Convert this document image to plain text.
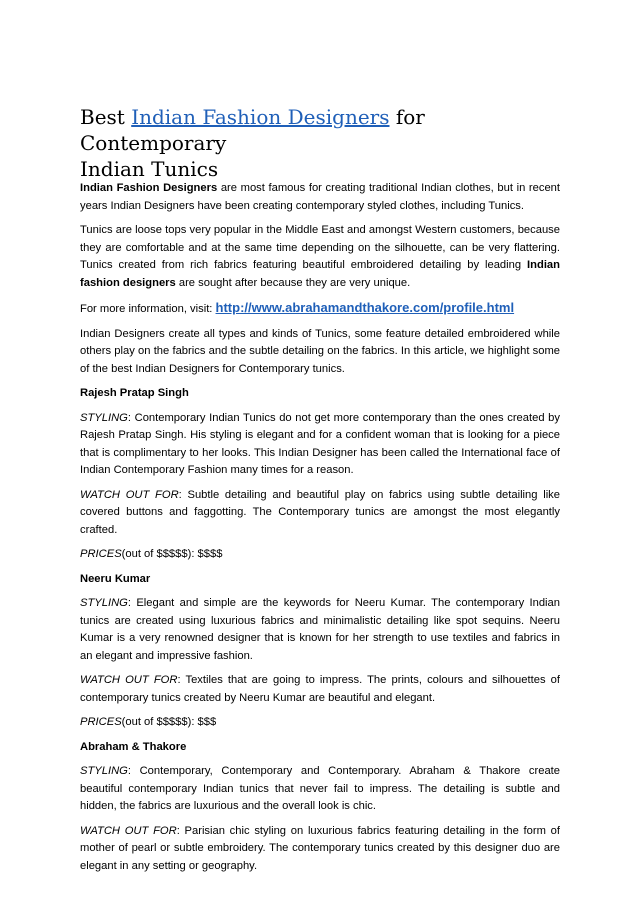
Best Indian Fashion Designers for Contemporary
Indian Tunics

Indian Fashion Designers are most famous for creating traditional Indian clothes, but in recent years Indian Designers have been creating contemporary styled clothes, including Tunics.

Tunics are loose tops very popular in the Middle East and amongst Western customers, because they are comfortable and at the same time depending on the silhouette, can be very flattering. Tunics created from rich fabrics featuring beautiful embroidered detailing by leading Indian fashion designers are sought after because they are very unique.

For more information, visit: http://www.abrahamandthakore.com/profile.html

Indian Designers create all types and kinds of Tunics, some feature detailed embroidered while others play on the fabrics and the subtle detailing on the fabrics. In this article, we highlight some of the best Indian Designers for Contemporary tunics.

Rajesh Pratap Singh

STYLING: Contemporary Indian Tunics do not get more contemporary than the ones created by Rajesh Pratap Singh. His styling is elegant and for a confident woman that is looking for a piece that is complimentary to her looks. This Indian Designer has been called the International face of Indian Contemporary Fashion many times for a reason.

WATCH OUT FOR: Subtle detailing and beautiful play on fabrics using subtle detailing like covered buttons and faggotting. The Contemporary tunics are amongst the most elegantly crafted.

PRICES(out of $$$$$): $$$$

Neeru Kumar

STYLING: Elegant and simple are the keywords for Neeru Kumar. The contemporary Indian tunics are created using luxurious fabrics and minimalistic detailing like spot sequins. Neeru Kumar is a very renowned designer that is known for her strength to use textiles and fabrics in an elegant and impressive fashion.

WATCH OUT FOR: Textiles that are going to impress. The prints, colours and silhouettes of contemporary tunics created by Neeru Kumar are beautiful and elegant.

PRICES(out of $$$$$): $$$

Abraham & Thakore

STYLING: Contemporary, Contemporary and Contemporary. Abraham & Thakore create beautiful contemporary Indian tunics that never fail to impress. The detailing is subtle and hidden, the fabrics are luxurious and the overall look is chic.

WATCH OUT FOR: Parisian chic styling on luxurious fabrics featuring detailing in the form of mother of pearl or subtle embroidery. The contemporary tunics created by this designer duo are elegant in any setting or geography.
